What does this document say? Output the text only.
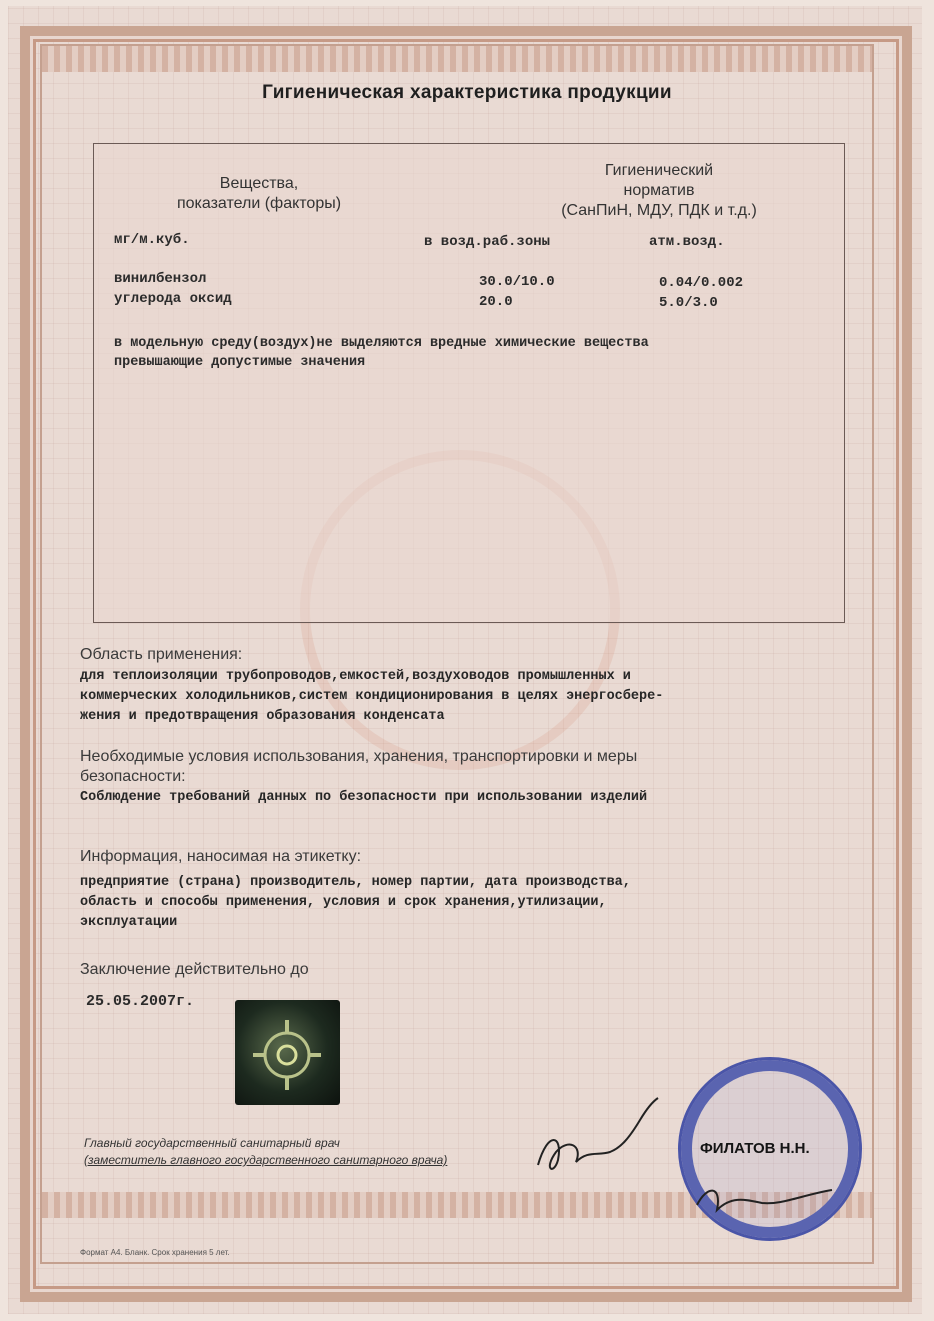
Гигиеническая характеристика продукции
Вещества,
показатели (факторы)
Гигиенический
норматив
(СанПиН, МДУ, ПДК и т.д.)
мг/м.куб.	в возд.раб.зоны	атм.возд.
винилбензол	30.0/10.0	0.04/0.002
углерода оксид	20.0	5.0/3.0
в модельную среду(воздух)не выделяются вредные химические вещества
превышающие допустимые значения
Область применения:
для теплоизоляции трубопроводов,емкостей,воздуховодов промышленных и
коммерческих холодильников,систем кондиционирования в целях энергосбере-
жения и предотвращения образования конденсата
Необходимые условия использования, хранения, транспортировки и меры
безопасности:
Соблюдение требований данных по безопасности при использовании изделий
Информация, наносимая на этикетку:
предприятие (страна) производитель, номер партии, дата производства,
область и способы применения, условия и срок хранения,утилизации,
эксплуатации
Заключение действительно до
25.05.2007г.
Главный государственный санитарный врач
(заместитель главного государственного санитарного врача)
ФИЛАТОВ Н.Н.
Формат А4. Бланк. Срок хранения 5 лет.
